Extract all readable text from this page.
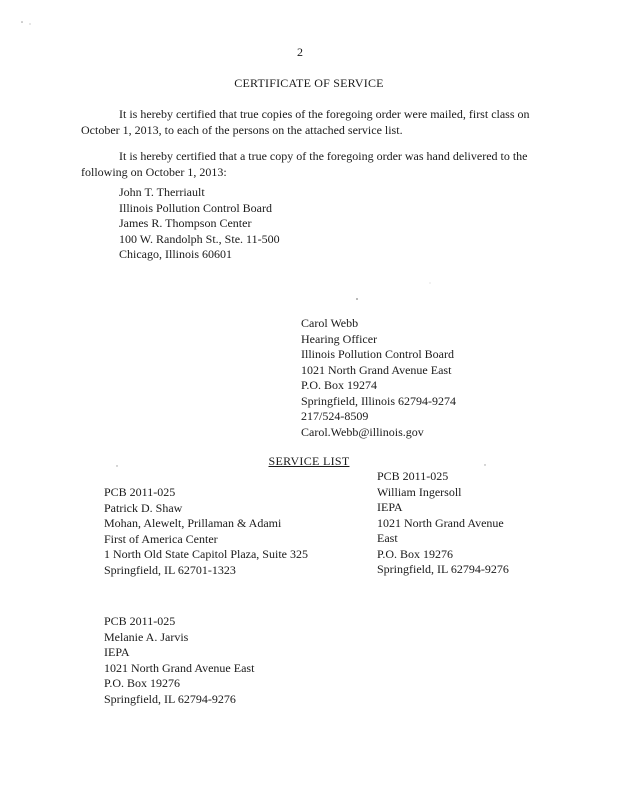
2
CERTIFICATE OF SERVICE
It is hereby certified that true copies of the foregoing order were mailed, first class on October 1, 2013, to each of the persons on the attached service list.
It is hereby certified that a true copy of the foregoing order was hand delivered to the following on October 1, 2013:
John T. Therriault
Illinois Pollution Control Board
James R. Thompson Center
100 W. Randolph St., Ste. 11-500
Chicago, Illinois 60601
Carol Webb
Hearing Officer
Illinois Pollution Control Board
1021 North Grand Avenue East
P.O. Box 19274
Springfield, Illinois 62794-9274
217/524-8509
Carol.Webb@illinois.gov
SERVICE LIST
PCB 2011-025
Patrick D. Shaw
Mohan, Alewelt, Prillaman & Adami
First of America Center
1 North Old State Capitol Plaza, Suite 325
Springfield, IL 62701-1323
PCB 2011-025
William Ingersoll
IEPA
1021 North Grand Avenue
East
P.O. Box 19276
Springfield, IL 62794-9276
PCB 2011-025
Melanie A. Jarvis
IEPA
1021 North Grand Avenue East
P.O. Box 19276
Springfield, IL 62794-9276
